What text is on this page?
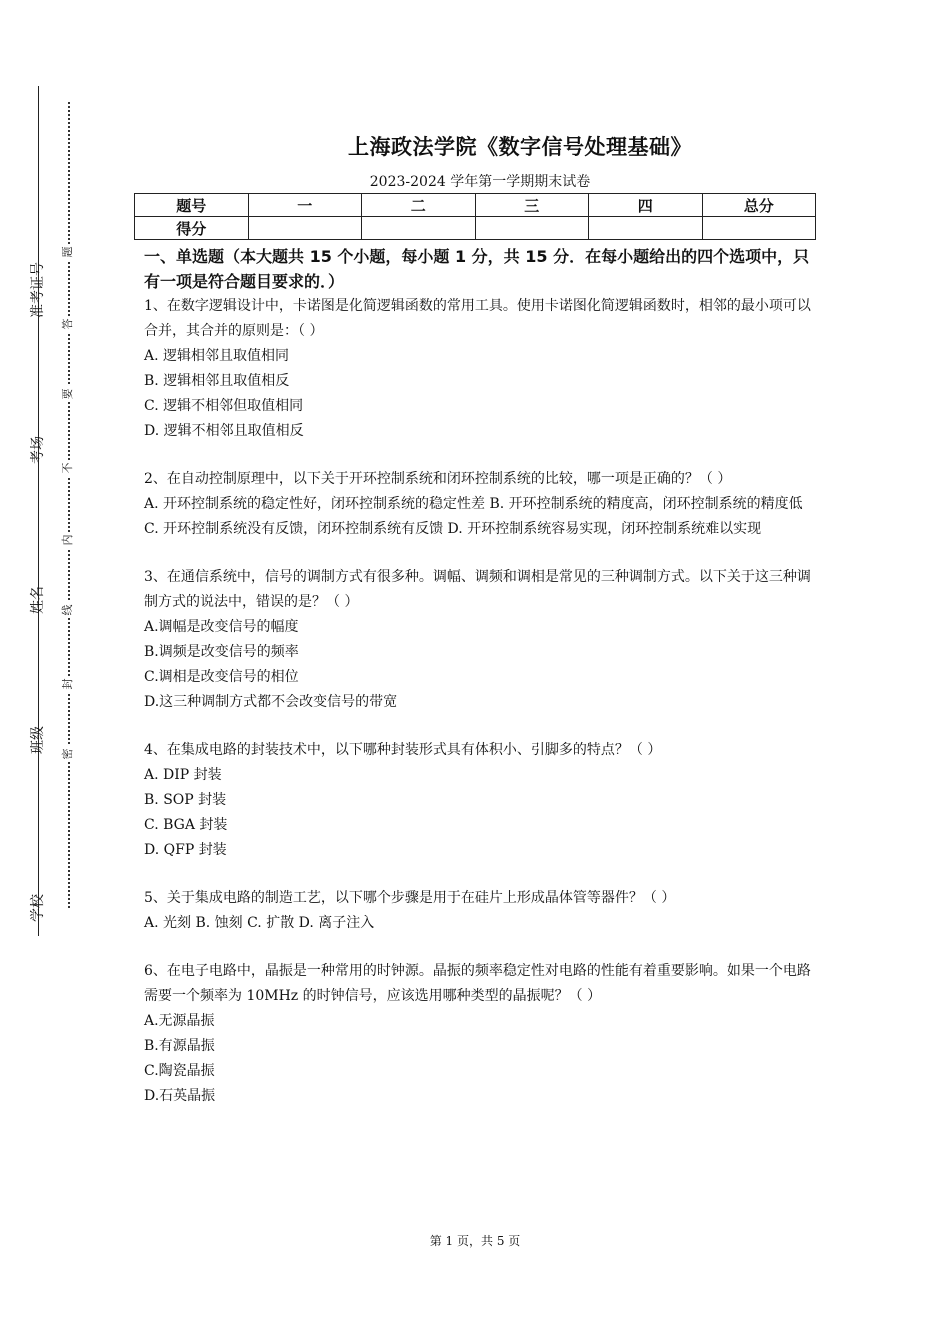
准考证号
考场
姓名
班级
学校
题
答
要
不
内
线
封
密
上海政法学院《数字信号处理基础》
2023-2024 学年第一学期期末试卷
题号	一	二	三	四	总分
得分					

一、单选题（本大题共 15 个小题，每小题 1 分，共 15 分．在每小题给出的四个选项中，只有一项是符合题目要求的．）

1、在数字逻辑设计中，卡诺图是化简逻辑函数的常用工具。使用卡诺图化简逻辑函数时，相邻的最小项可以合并，其合并的原则是：（ ）

A. 逻辑相邻且取值相同

B. 逻辑相邻且取值相反

C. 逻辑不相邻但取值相同

D. 逻辑不相邻且取值相反

2、在自动控制原理中，以下关于开环控制系统和闭环控制系统的比较，哪一项是正确的？（ ）

A. 开环控制系统的稳定性好，闭环控制系统的稳定性差 B. 开环控制系统的精度高，闭环控制系统的精度低 C. 开环控制系统没有反馈，闭环控制系统有反馈 D. 开环控制系统容易实现，闭环控制系统难以实现

3、在通信系统中，信号的调制方式有很多种。调幅、调频和调相是常见的三种调制方式。以下关于这三种调制方式的说法中，错误的是？（ ）

A.调幅是改变信号的幅度

B.调频是改变信号的频率

C.调相是改变信号的相位

D.这三种调制方式都不会改变信号的带宽

4、在集成电路的封装技术中，以下哪种封装形式具有体积小、引脚多的特点？（ ）

A. DIP 封装

B. SOP 封装

C. BGA 封装

D. QFP 封装

5、关于集成电路的制造工艺，以下哪个步骤是用于在硅片上形成晶体管等器件？（ ）

A. 光刻 B. 蚀刻 C. 扩散 D. 离子注入

6、在电子电路中，晶振是一种常用的时钟源。晶振的频率稳定性对电路的性能有着重要影响。如果一个电路需要一个频率为 10MHz 的时钟信号，应该选用哪种类型的晶振呢？（ ）

A.无源晶振

B.有源晶振

C.陶瓷晶振

D.石英晶振

第 1 页，共 5 页
